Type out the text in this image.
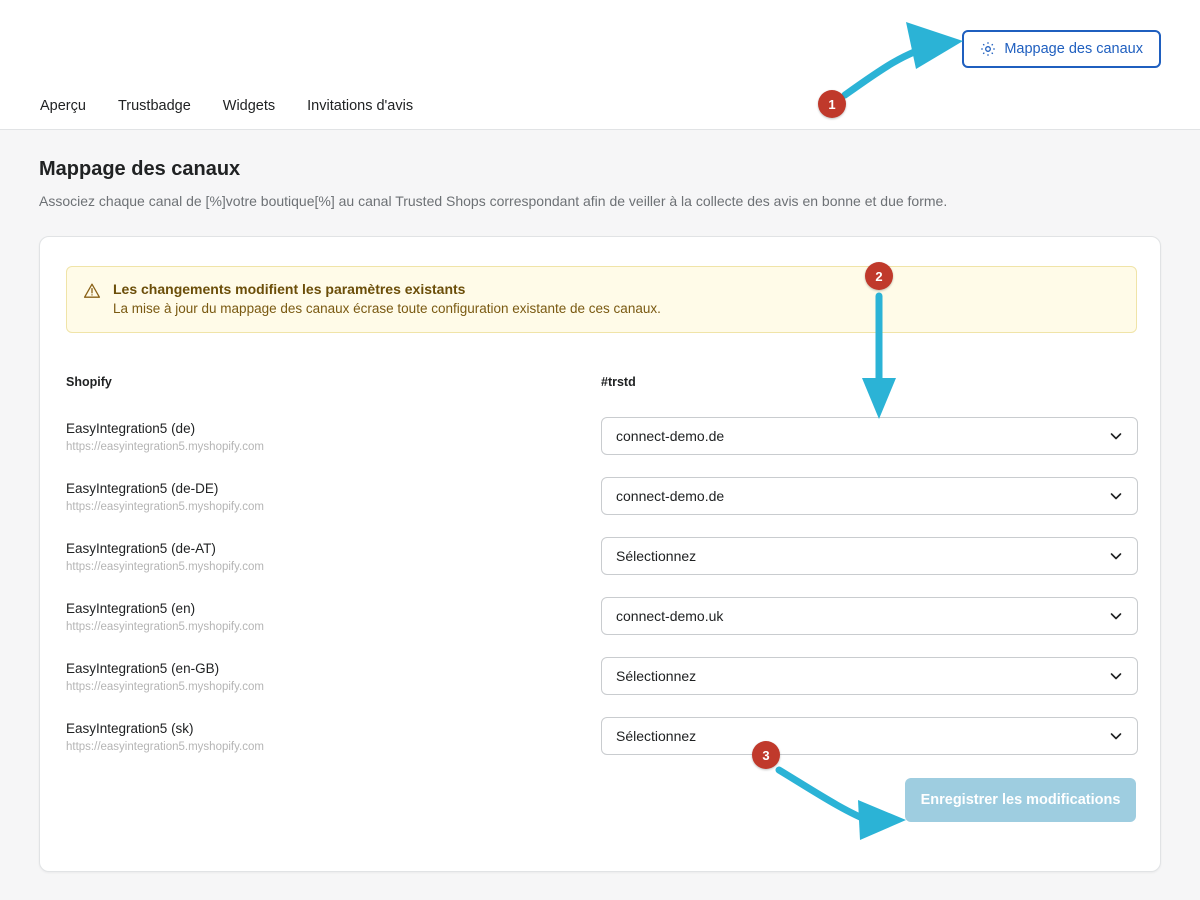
Mappage des canaux
Aperçu	Trustbadge	Widgets	Invitations d'avis
Mappage des canaux
Associez chaque canal de [%]votre boutique[%] au canal Trusted Shops correspondant afin de veiller à la collecte des avis en bonne et due forme.
Les changements modifient les paramètres existants
La mise à jour du mappage des canaux écrase toute configuration existante de ces canaux.
Shopify	#trstd
EasyIntegration5 (de)
https://easyintegration5.myshopify.com
connect-demo.de
EasyIntegration5 (de-DE)
https://easyintegration5.myshopify.com
connect-demo.de
EasyIntegration5 (de-AT)
https://easyintegration5.myshopify.com
Sélectionnez
EasyIntegration5 (en)
https://easyintegration5.myshopify.com
connect-demo.uk
EasyIntegration5 (en-GB)
https://easyintegration5.myshopify.com
Sélectionnez
EasyIntegration5 (sk)
https://easyintegration5.myshopify.com
Sélectionnez
Enregistrer les modifications
1
2
3
